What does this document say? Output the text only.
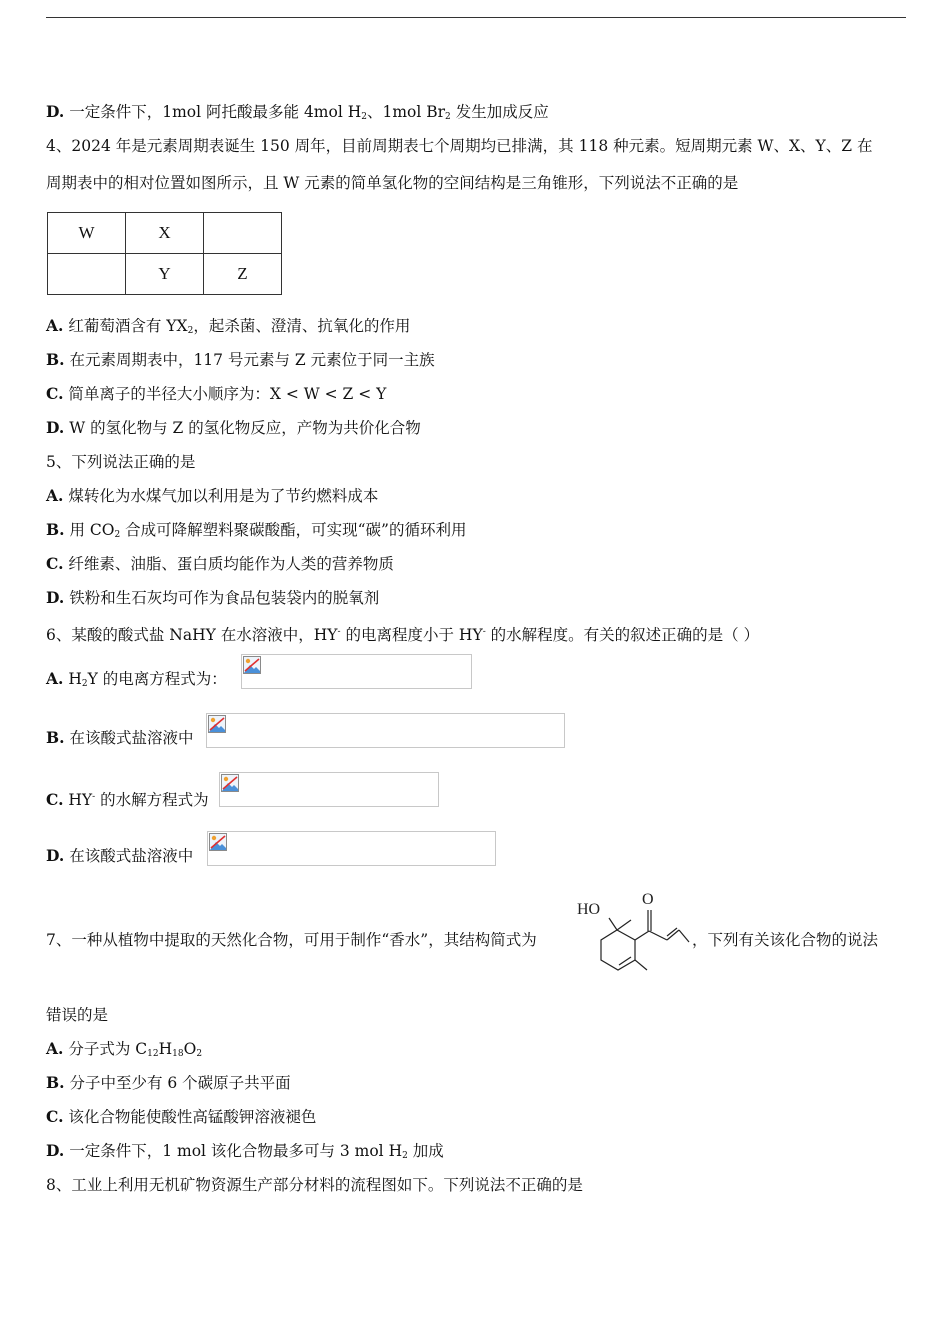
D. 一定条件下，1mol 阿托酸最多能 4mol $H_2$、1mol $Br_2$ 发生加成反应
4、2024 年是元素周期表诞生 150 周年，目前周期表七个周期均已排满，其 118 种元素。短周期元素 W、X、Y、Z 在
周期表中的相对位置如图所示，且 W 元素的简单氢化物的空间结构是三角锥形，下列说法不正确的是
W	X	
	Y	Z
A. 红葡萄酒含有 $YX_2$，起杀菌、澄清、抗氧化的作用
B. 在元素周期表中，117 号元素与 Z 元素位于同一主族
C. 简单离子的半径大小顺序为：X < W < Z < Y
D. W 的氢化物与 Z 的氢化物反应，产物为共价化合物
5、下列说法正确的是
A. 煤转化为水煤气加以利用是为了节约燃料成本
B. 用 $CO_2$ 合成可降解塑料聚碳酸酯，可实现“碳”的循环利用
C. 纤维素、油脂、蛋白质均能作为人类的营养物质
D. 铁粉和生石灰均可作为食品包装袋内的脱氧剂
6、某酸的酸式盐 NaHY 在水溶液中，HY- 的电离程度小于 HY- 的水解程度。有关的叙述正确的是（ ）
A. $H_2Y$ 的电离方程式为：
B. 在该酸式盐溶液中
C. HY- 的水解方程式为
D. 在该酸式盐溶液中
7、一种从植物中提取的天然化合物，可用于制作“香水”，其结构简式为
HO
O
，下列有关该化合物的说法
错误的是
A. 分子式为 $C_{12}H_{18}O_2$
B. 分子中至少有 6 个碳原子共平面
C. 该化合物能使酸性高锰酸钾溶液褪色
D. 一定条件下，1 mol 该化合物最多可与 3 mol $H_2$ 加成
8、工业上利用无机矿物资源生产部分材料的流程图如下。下列说法不正确的是
